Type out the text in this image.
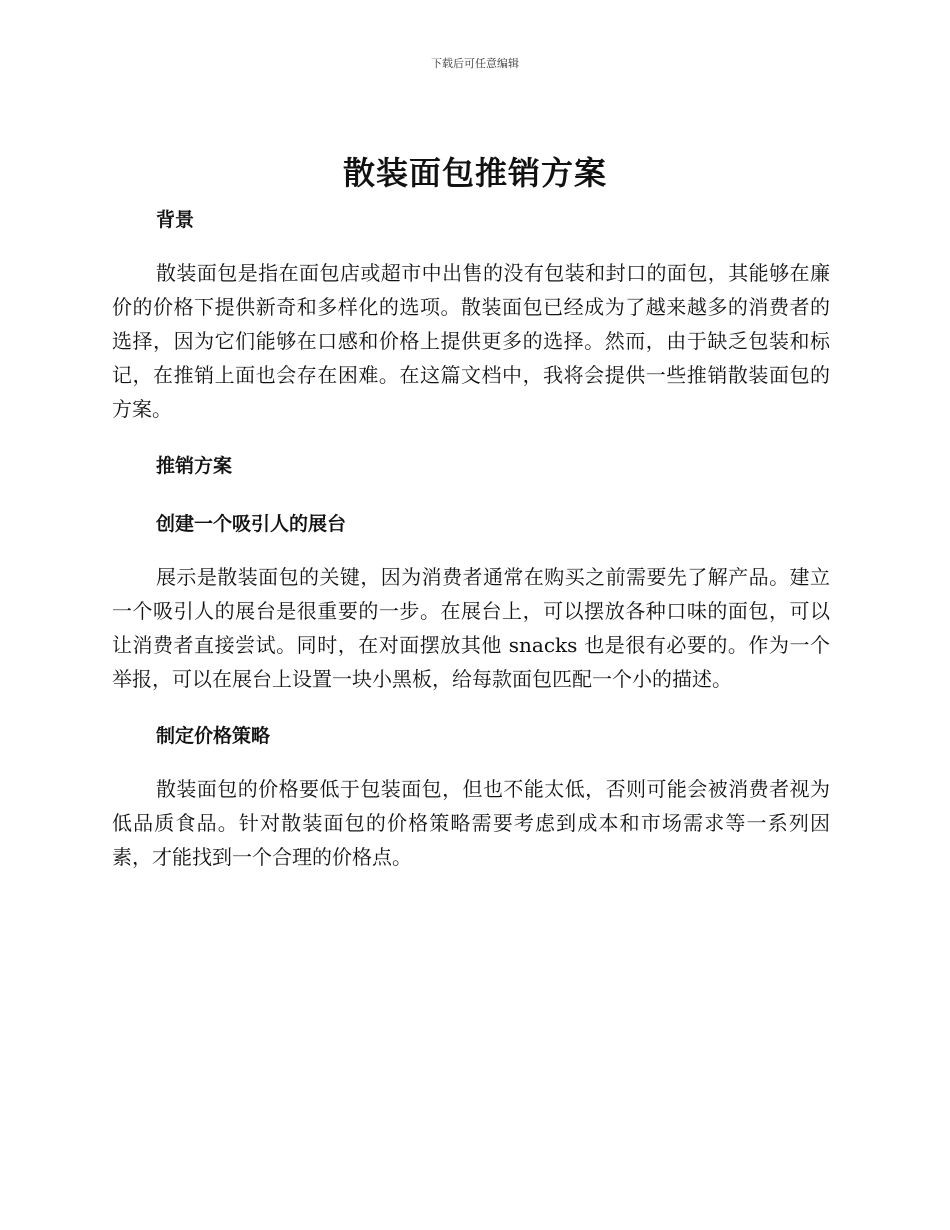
下载后可任意编辑
散装面包推销方案
背景

散装面包是指在面包店或超市中出售的没有包装和封口的面包，其能够在廉价的价格下提供新奇和多样化的选项。散装面包已经成为了越来越多的消费者的选择，因为它们能够在口感和价格上提供更多的选择。然而，由于缺乏包装和标记，在推销上面也会存在困难。在这篇文档中，我将会提供一些推销散装面包的方案。

推销方案
创建一个吸引人的展台

展示是散装面包的关键，因为消费者通常在购买之前需要先了解产品。建立一个吸引人的展台是很重要的一步。在展台上，可以摆放各种口味的面包，可以让消费者直接尝试。同时，在对面摆放其他 snacks 也是很有必要的。作为一个举报，可以在展台上设置一块小黑板，给每款面包匹配一个小的描述。

制定价格策略

散装面包的价格要低于包装面包，但也不能太低，否则可能会被消费者视为低品质食品。针对散装面包的价格策略需要考虑到成本和市场需求等一系列因素，才能找到一个合理的价格点。
